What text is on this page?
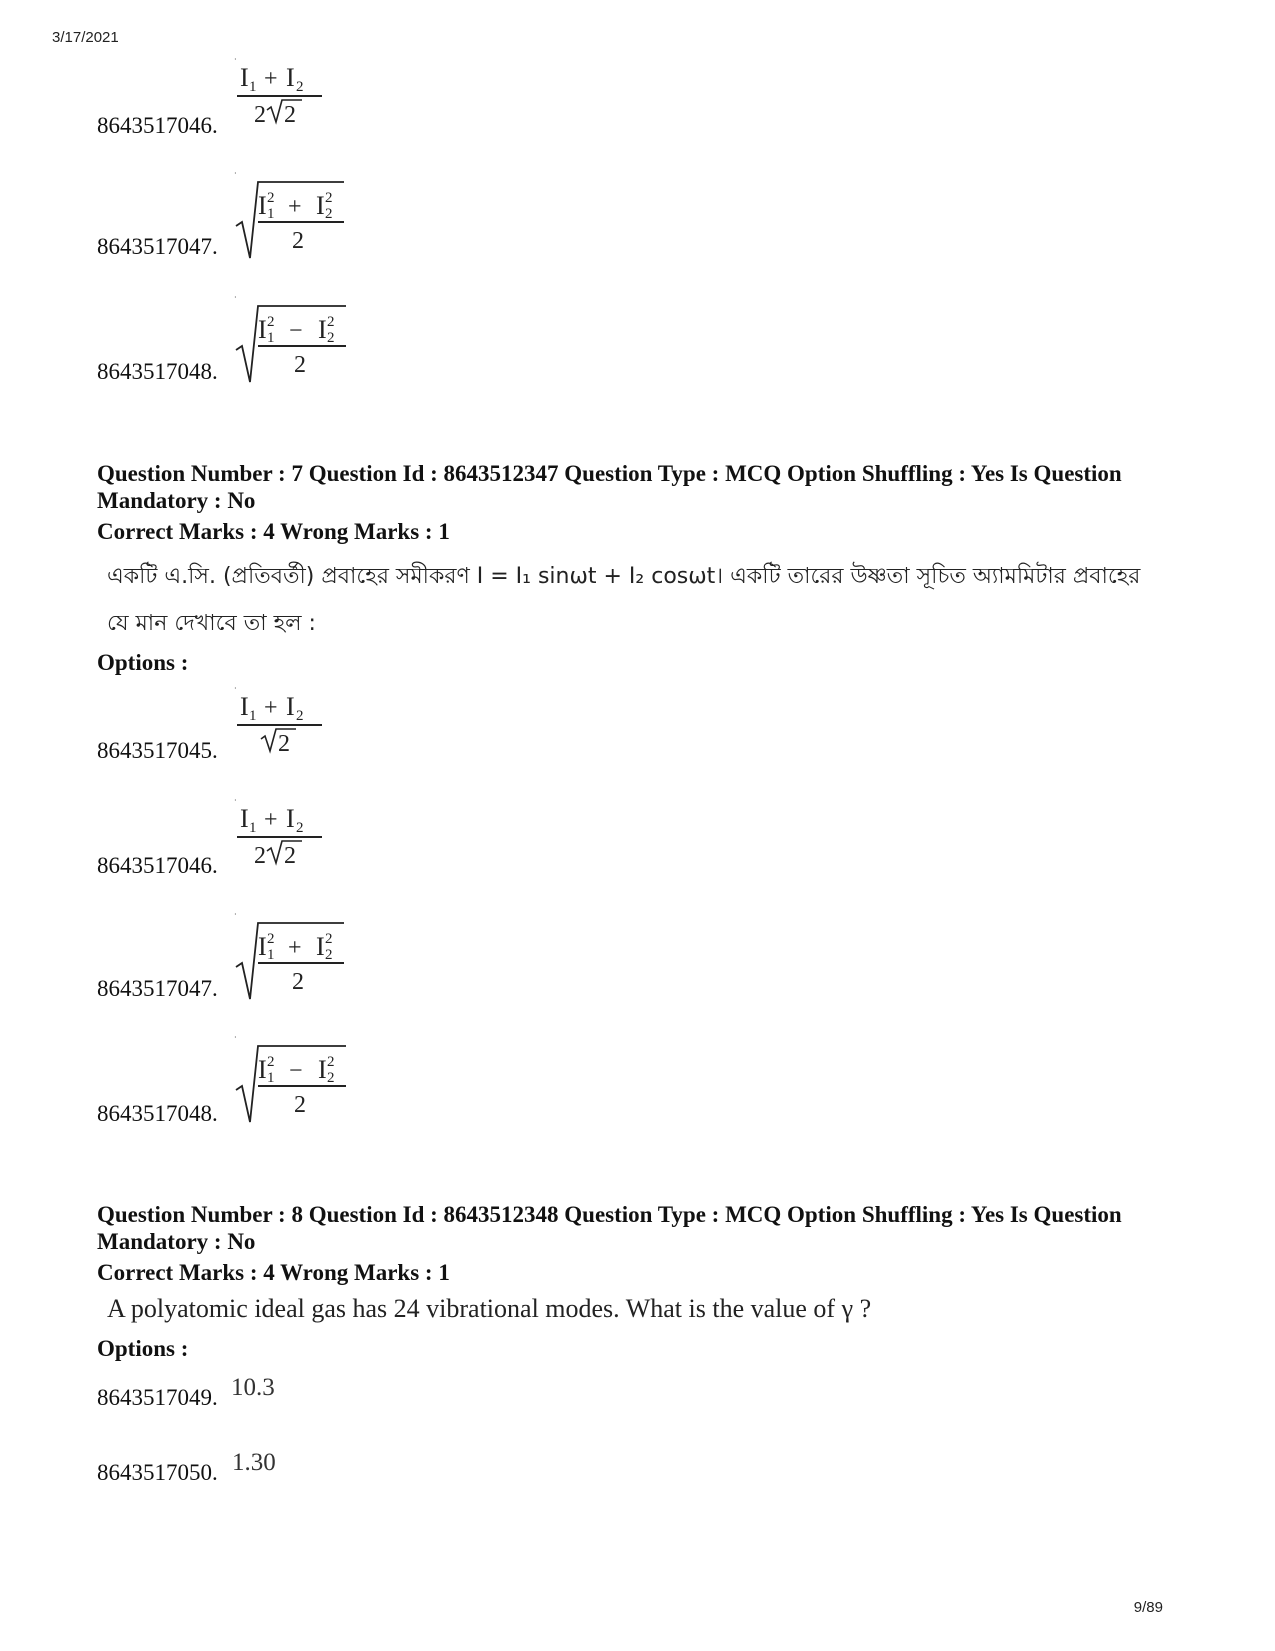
3/17/2021
8643517046.
·
I 1 + I 2
2 2
8643517047.
·
I 2
1 + I 2
2
2
8643517048.
·
I 2
1 − I 2
2
2
Question Number : 7 Question Id : 8643512347 Question Type : MCQ Option Shuffling : Yes Is Question Mandatory : No
Correct Marks : 4 Wrong Marks : 1
একটি এ.সি. (প্রতিবর্তী) প্রবাহের সমীকরণ I = I₁ sinωt + I₂ cosωt। একটি তারের উষ্ণতা সূচিত অ্যামমিটার প্রবাহের
যে মান দেখাবে তা হল :
Options :
8643517045.
·
I 1 + I 2
2
8643517046.
·
I 1 + I 2
2 2
8643517047.
·
I 2
1 + I 2
2
2
8643517048.
·
I 2
1 − I 2
2
2
Question Number : 8 Question Id : 8643512348 Question Type : MCQ Option Shuffling : Yes Is Question Mandatory : No
Correct Marks : 4 Wrong Marks : 1
A polyatomic ideal gas has 24 vibrational modes. What is the value of γ ?
Options :
8643517049. 10.3
8643517050. 1.30
9/89
